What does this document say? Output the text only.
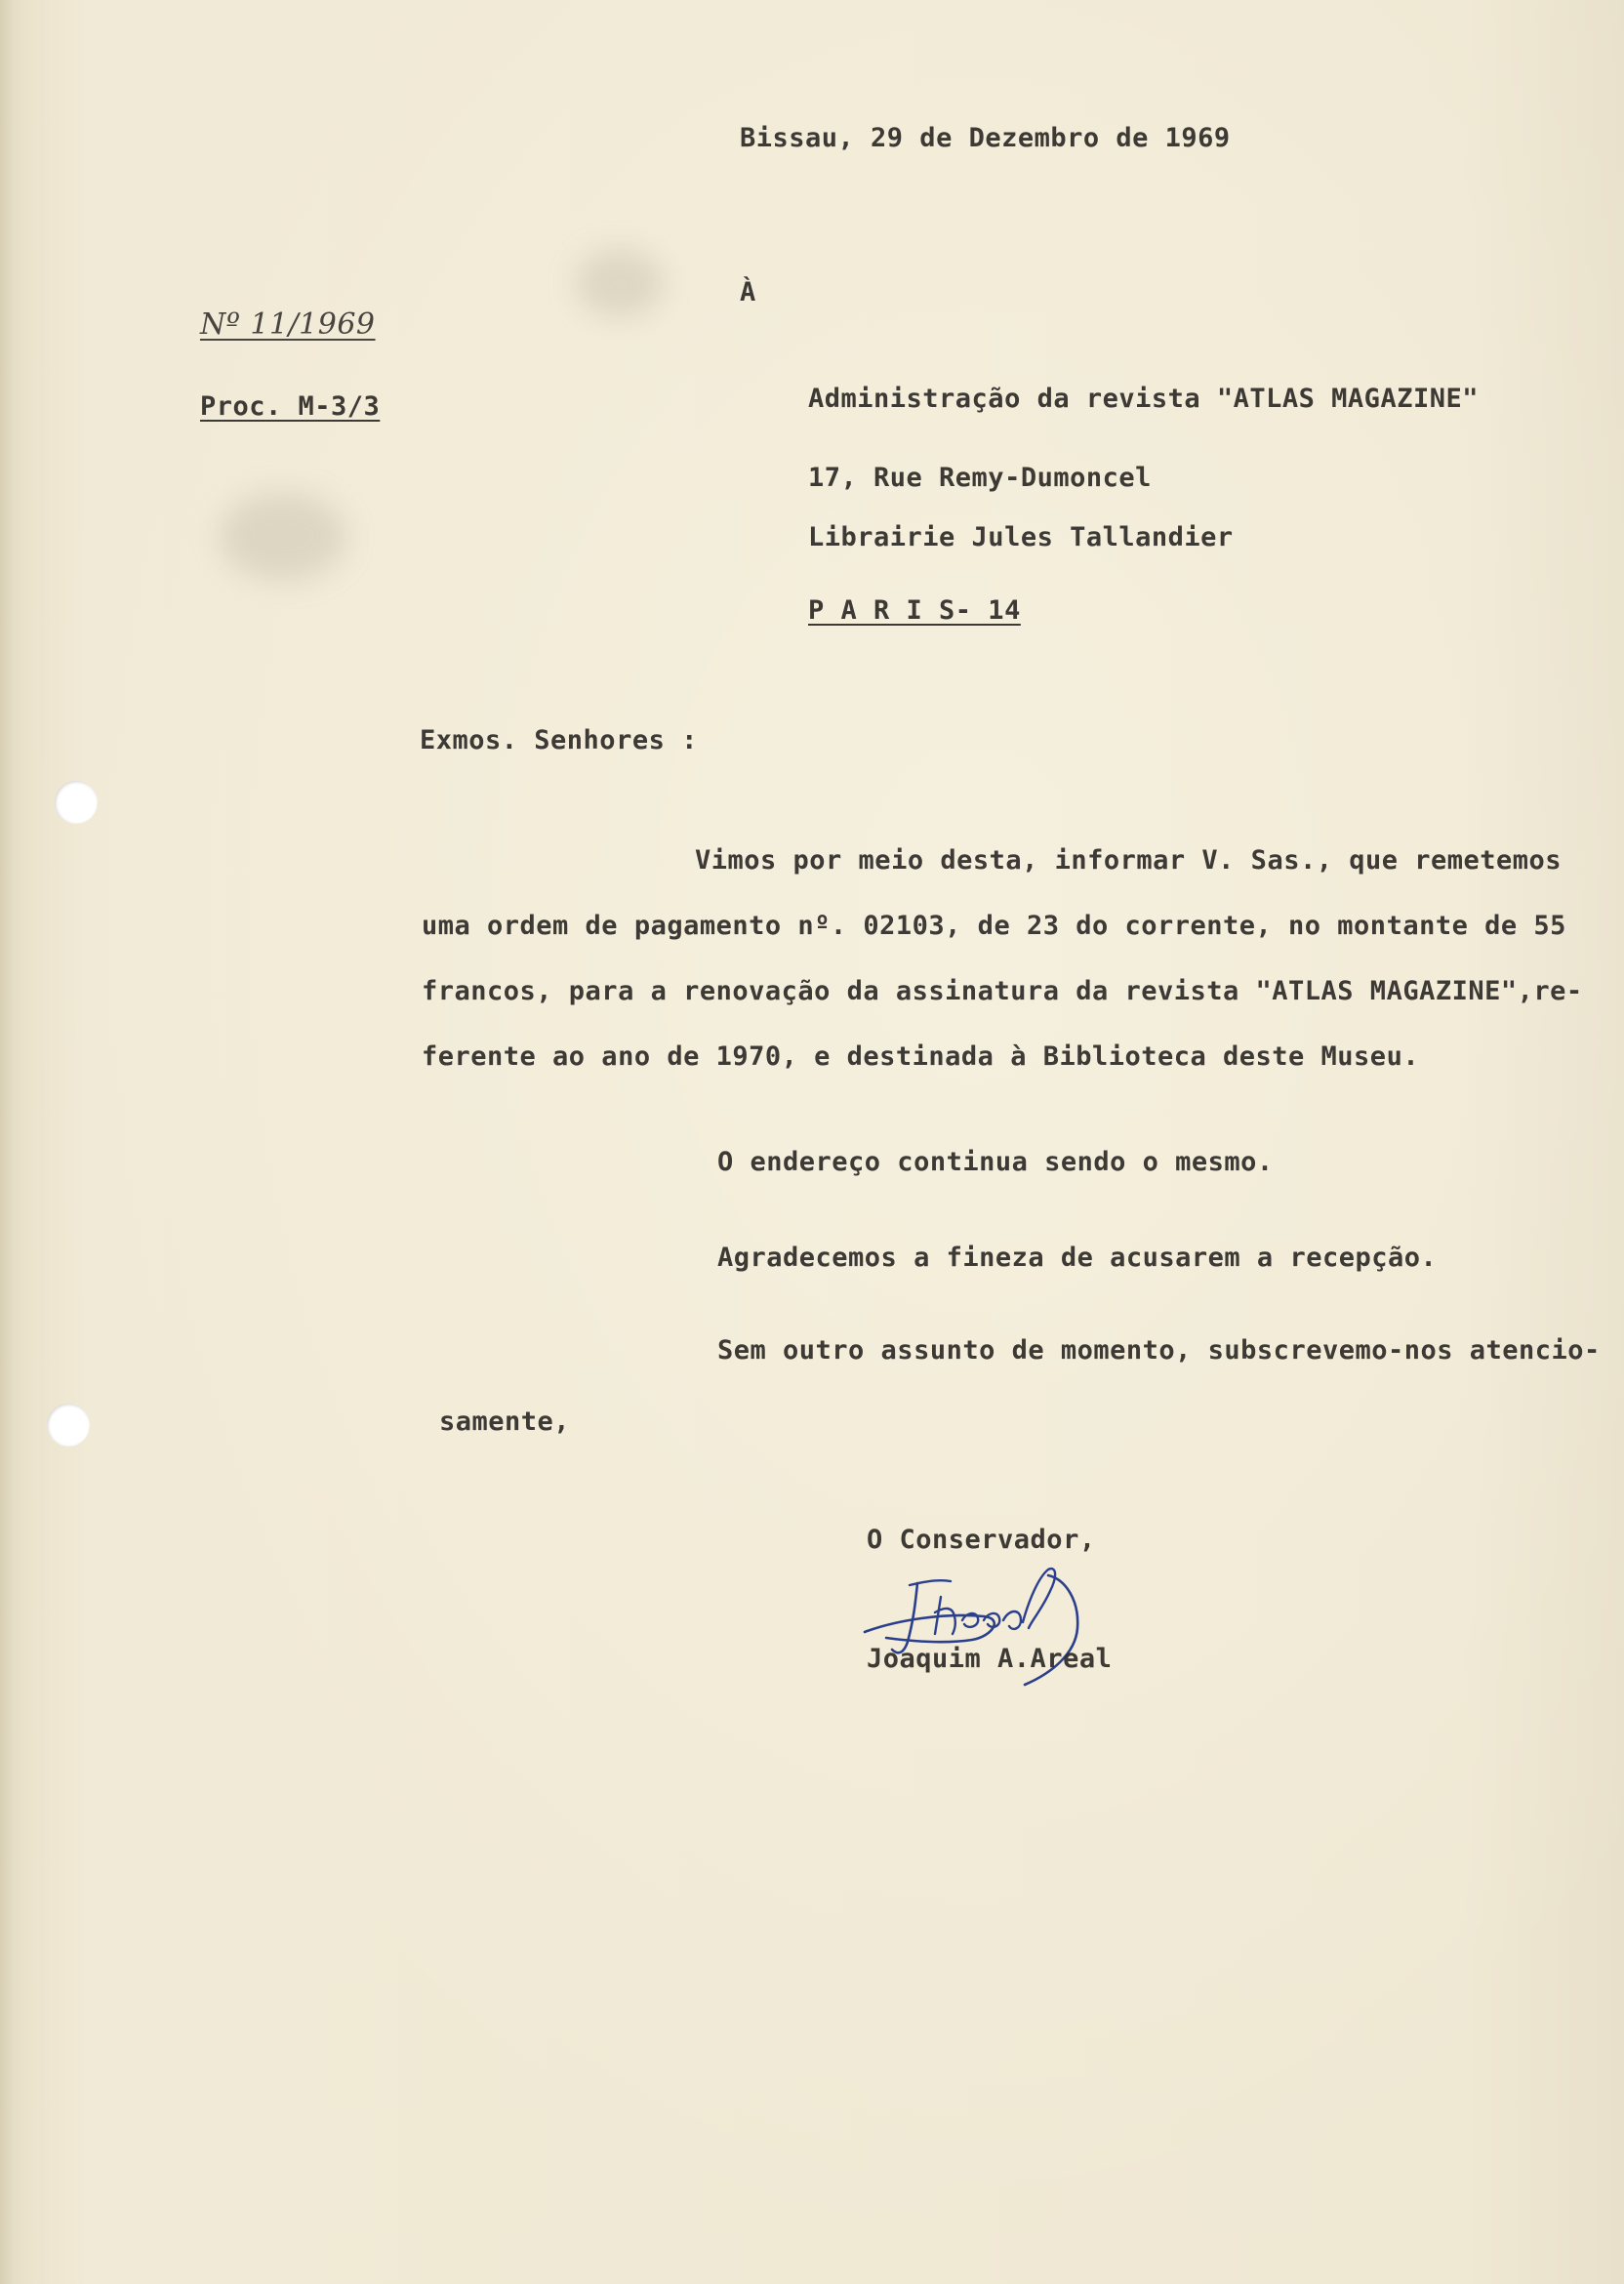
Bissau, 29 de Dezembro de 1969
À
Nº 11/1969
Proc. M-3/3	Administração da revista "ATLAS MAGAZINE"
17, Rue Remy-Dumoncel
Librairie Jules Tallandier
P A R I S- 14
Exmos. Senhores :
Vimos por meio desta, informar V. Sas., que remetemos
uma ordem de pagamento nº. 02103, de 23 do corrente, no montante de 55
francos, para a renovação da assinatura da revista "ATLAS MAGAZINE",re-
ferente ao ano de 1970, e destinada à Biblioteca deste Museu.
O endereço continua sendo o mesmo.
Agradecemos a fineza de acusarem a recepção.
Sem outro assunto de momento, subscrevemo-nos atencio-
samente,
O Conservador,
Joaquim A.Areal
